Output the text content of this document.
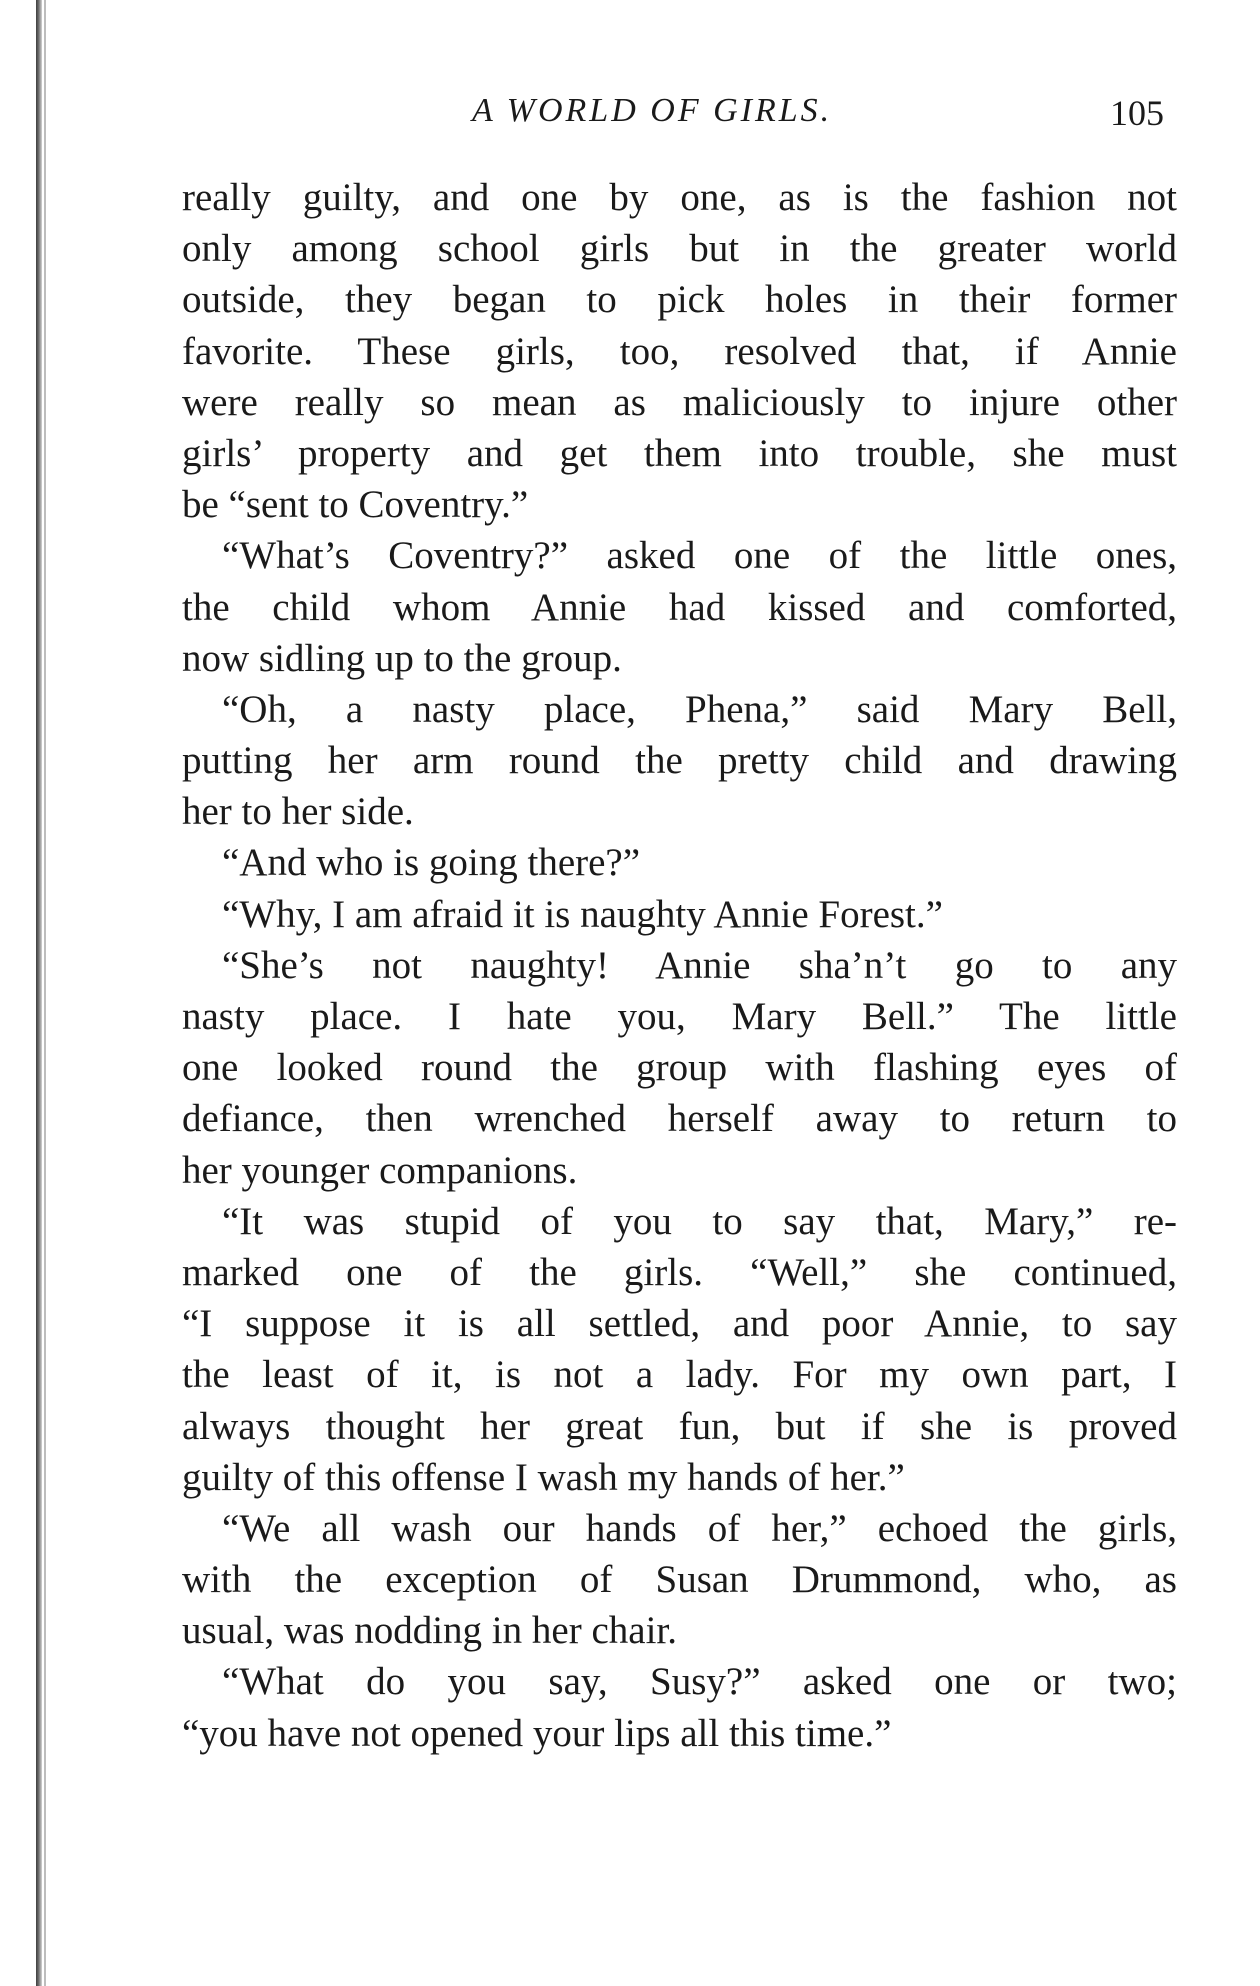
A WORLD OF GIRLS.	105
really guilty, and one by one, as is the fashion not
only among school girls but in the greater world
outside, they began to pick holes in their former
favorite. These girls, too, resolved that, if Annie
were really so mean as maliciously to injure other
girls’ property and get them into trouble, she must
be “sent to Coventry.”
“What’s Coventry?” asked one of the little ones,
the child whom Annie had kissed and comforted,
now sidling up to the group.
“Oh, a nasty place, Phena,” said Mary Bell,
putting her arm round the pretty child and drawing
her to her side.
“And who is going there?”
“Why, I am afraid it is naughty Annie Forest.”
“She’s not naughty! Annie sha’n’t go to any
nasty place. I hate you, Mary Bell.” The little
one looked round the group with flashing eyes of
defiance, then wrenched herself away to return to
her younger companions.
“It was stupid of you to say that, Mary,” re-
marked one of the girls. “Well,” she continued,
“I suppose it is all settled, and poor Annie, to say
the least of it, is not a lady. For my own part, I
always thought her great fun, but if she is proved
guilty of this offense I wash my hands of her.”
“We all wash our hands of her,” echoed the girls,
with the exception of Susan Drummond, who, as
usual, was nodding in her chair.
“What do you say, Susy?” asked one or two;
“you have not opened your lips all this time.”
